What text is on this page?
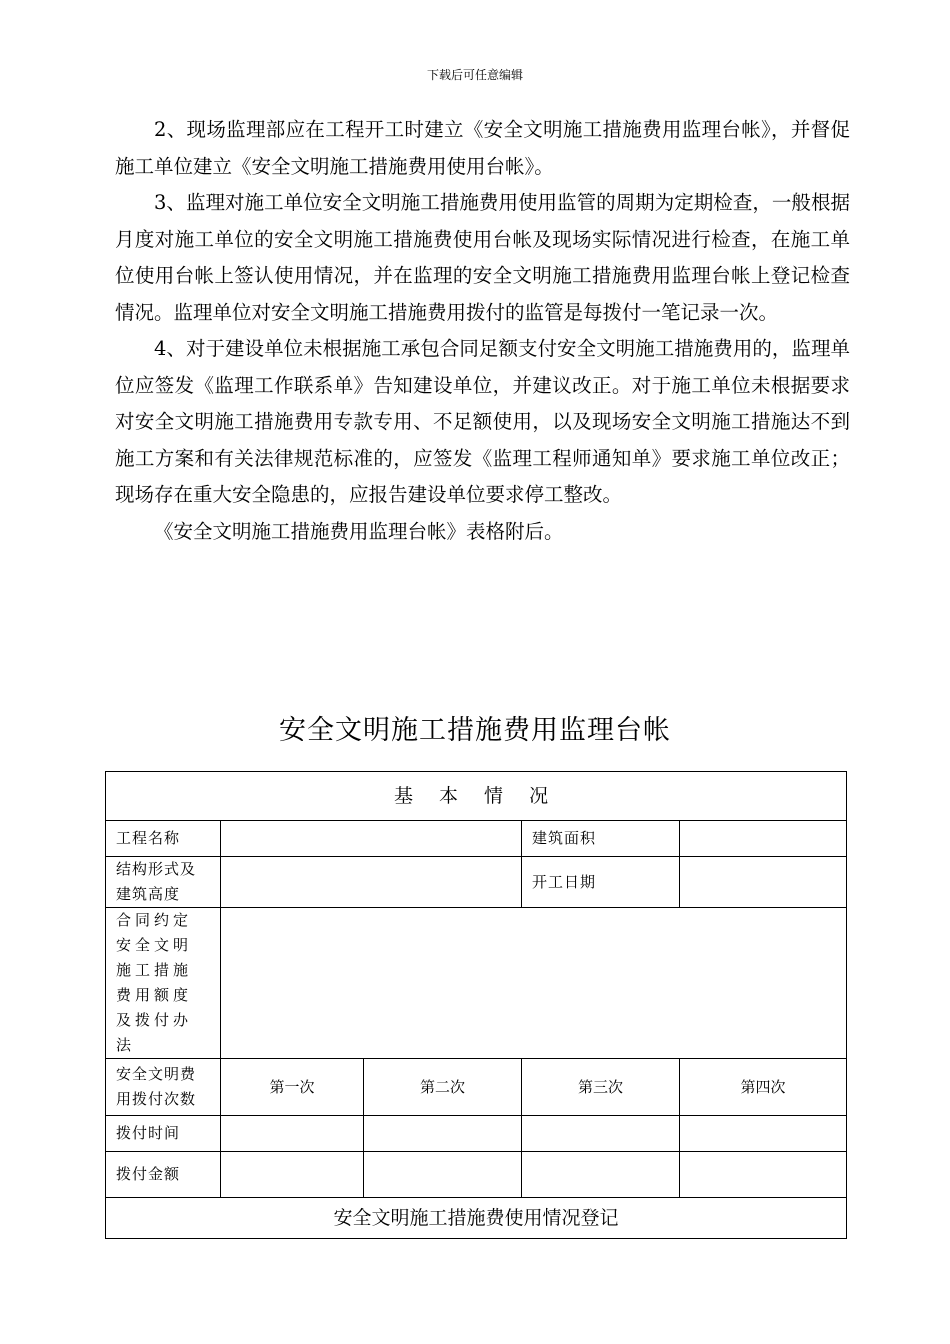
下载后可任意编辑

2、现场监理部应在工程开工时建立《安全文明施工措施费用监理台帐》，并督促施工单位建立《安全文明施工措施费用使用台帐》。

3、监理对施工单位安全文明施工措施费用使用监管的周期为定期检查，一般根据月度对施工单位的安全文明施工措施费使用台帐及现场实际情况进行检查，在施工单位使用台帐上签认使用情况，并在监理的安全文明施工措施费用监理台帐上登记检查情况。监理单位对安全文明施工措施费用拨付的监管是每拨付一笔记录一次。

4、对于建设单位未根据施工承包合同足额支付安全文明施工措施费用的，监理单位应签发《监理工作联系单》告知建设单位，并建议改正。对于施工单位未根据要求对安全文明施工措施费用专款专用、不足额使用，以及现场安全文明施工措施达不到施工方案和有关法律规范标准的，应签发《监理工程师通知单》要求施工单位改正；现场存在重大安全隐患的，应报告建设单位要求停工整改。

《安全文明施工措施费用监理台帐》表格附后。

安全文明施工措施费用监理台帐
基 本 情 况				
工程名称			建筑面积	
结构形式及建筑高度			开工日期	
合同约定安全文明施工措施费用额度及拨付办法				
安全文明费用拨付次数	第一次	第二次	第三次	第四次
拨付时间				
拨付金额				
安全文明施工措施费使用情况登记				
